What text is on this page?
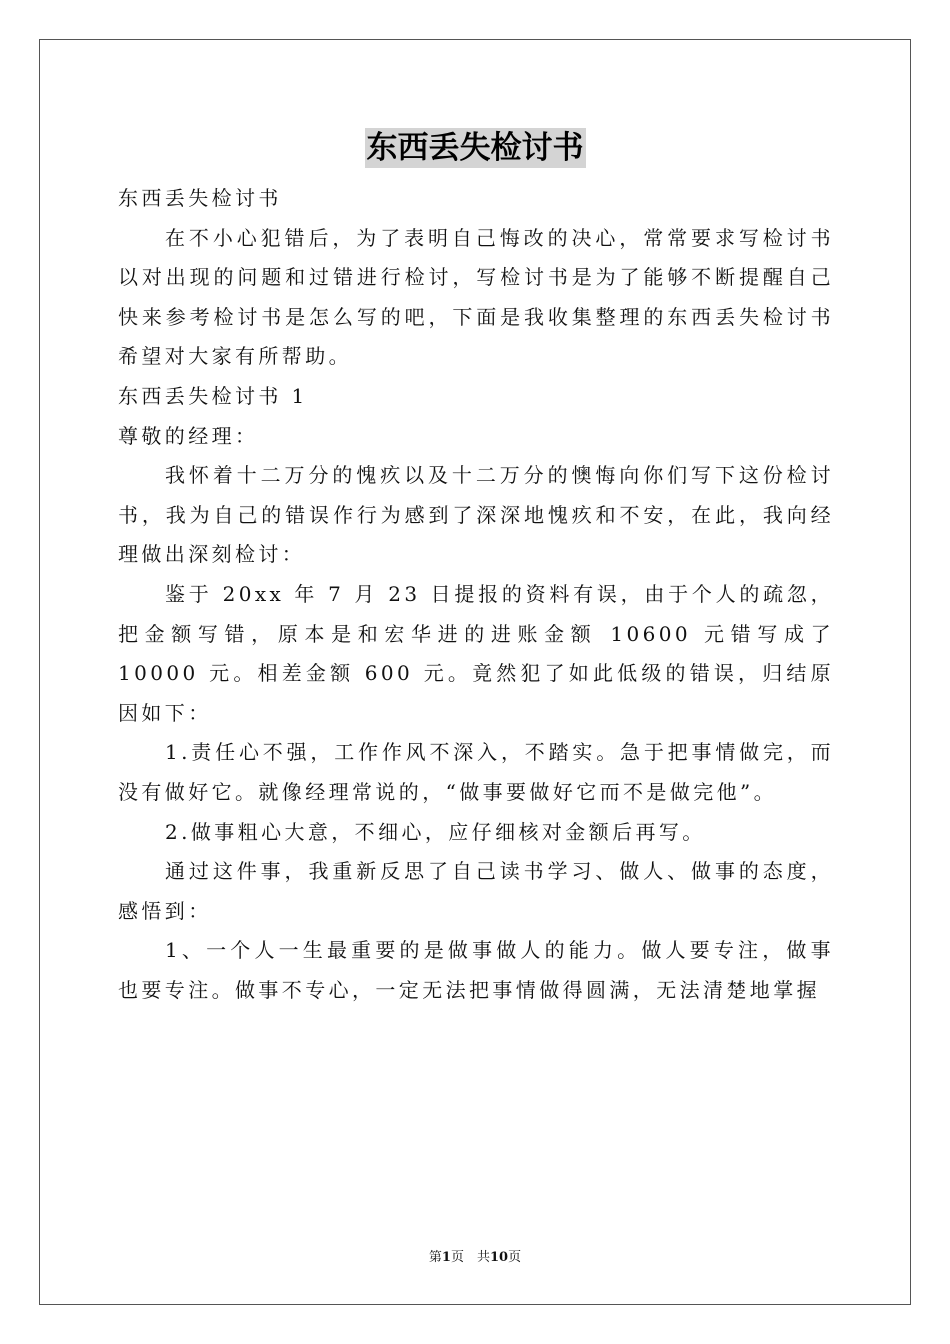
东西丢失检讨书

东西丢失检讨书

在不小心犯错后，为了表明自己悔改的决心，常常要求写检讨书以对出现的问题和过错进行检讨，写检讨书是为了能够不断提醒自己快来参考检讨书是怎么写的吧，下面是我收集整理的东西丢失检讨书希望对大家有所帮助。

东西丢失检讨书 1

尊敬的经理：

我怀着十二万分的愧疚以及十二万分的懊悔向你们写下这份检讨书，我为自己的错误作行为感到了深深地愧疚和不安，在此，我向经理做出深刻检讨：

鉴于 20xx 年 7 月 23 日提报的资料有误，由于个人的疏忽，把金额写错，原本是和宏华进的进账金额 10600 元错写成了 10000 元。相差金额 600 元。竟然犯了如此低级的错误，归结原因如下：

1.责任心不强，工作作风不深入，不踏实。急于把事情做完，而没有做好它。就像经理常说的，“做事要做好它而不是做完他”。

2.做事粗心大意，不细心，应仔细核对金额后再写。

通过这件事，我重新反思了自己读书学习、做人、做事的态度，感悟到：

1、一个人一生最重要的是做事做人的能力。做人要专注，做事也要专注。做事不专心，一定无法把事情做得圆满，无法清楚地掌握

第1页　共10页
